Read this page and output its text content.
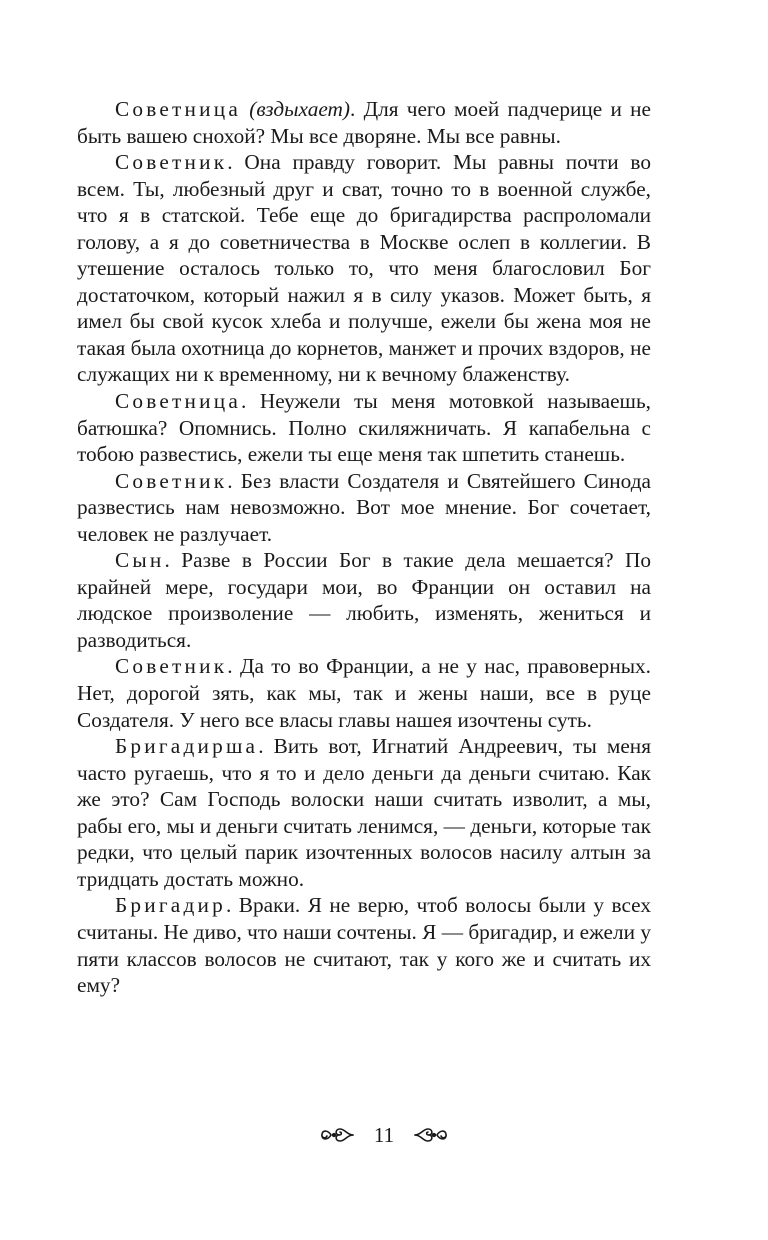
Советница (вздыхает). Для чего моей падчерице и не быть вашею снохой? Мы все дворяне. Мы все равны.

Советник. Она правду говорит. Мы равны почти во всем. Ты, любезный друг и сват, точно то в военной службе, что я в статской. Тебе еще до бригадирства распроломали голову, а я до советничества в Москве ослеп в коллегии. В утешение осталось только то, что меня благословил Бог достаточком, который нажил я в силу указов. Может быть, я имел бы свой кусок хлеба и получше, ежели бы жена моя не такая была охотница до корнетов, манжет и прочих вздоров, не служащих ни к временному, ни к вечному блаженству.

Советница. Неужели ты меня мотовкой называешь, батюшка? Опомнись. Полно скиляжничать. Я капабельна с тобою развестись, ежели ты еще меня так шпетить станешь.

Советник. Без власти Создателя и Святейшего Синода развестись нам невозможно. Вот мое мнение. Бог сочетает, человек не разлучает.

Сын. Разве в России Бог в такие дела мешается? По крайней мере, государи мои, во Франции он оставил на людское произволение — любить, изменять, жениться и разводиться.

Советник. Да то во Франции, а не у нас, правоверных. Нет, дорогой зять, как мы, так и жены наши, все в руце Создателя. У него все власы главы нашея изочтены суть.

Бригадирша. Вить вот, Игнатий Андреевич, ты меня часто ругаешь, что я то и дело деньги да деньги считаю. Как же это? Сам Господь волоски наши считать изволит, а мы, рабы его, мы и деньги считать ленимся, — деньги, которые так редки, что целый парик изочтенных волосов насилу алтын за тридцать достать можно.

Бригадир. Враки. Я не верю, чтоб волосы были у всех считаны. Не диво, что наши сочтены. Я — бригадир, и ежели у пяти классов волосов не считают, так у кого же и считать их ему?

11
